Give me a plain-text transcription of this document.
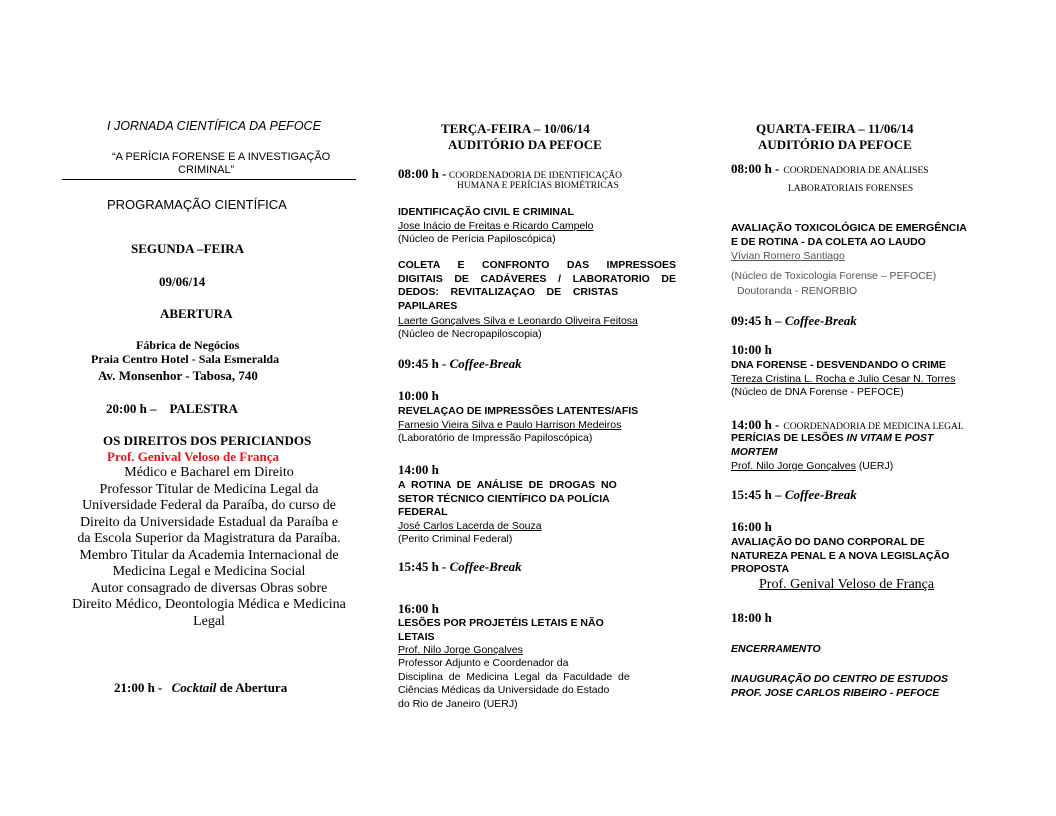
I JORNADA CIENTÍFICA DA PEFOCE
“A PERÍCIA FORENSE E A INVESTIGAÇÃO
CRIMINAL”
PROGRAMAÇÃO CIENTÍFICA
SEGUNDA –FEIRA
09/06/14
ABERTURA
Fábrica de Negócios
Praia Centro Hotel - Sala Esmeralda
Av. Monsenhor - Tabosa, 740
20:00 h –    PALESTRA
OS DIREITOS DOS PERICIANDOS
Prof. Genival Veloso de França
Médico e Bacharel em Direito
Professor Titular de Medicina Legal da
Universidade Federal da Paraíba, do curso de
Direito da Universidade Estadual da Paraíba e
da Escola Superior da Magistratura da Paraíba.
Membro Titular da Academia Internacional de
Medicina Legal e Medicina Social
Autor consagrado de diversas Obras sobre
Direito Médico, Deontologia Médica e Medicina
Legal
21:00 h - Cocktail de Abertura
TERÇA-FEIRA – 10/06/14
AUDITÓRIO DA PEFOCE
08:00 h - COORDENADORIA DE IDENTIFICAÇÃO
HUMANA E PERÍCIAS BIOMÉTRICAS
IDENTIFICAÇÃO CIVIL E CRIMINAL
Jose Inácio de Freitas e Ricardo Campelo
(Núcleo de Perícia Papiloscópica)
COLETA E CONFRONTO DAS IMPRESSOES
DIGITAIS DE CADÁVERES / LABORATORIO DE
DEDOS:    REVITALIZAÇAO    DE    CRISTAS
PAPILARES
Laerte Gonçalves Silva e Leonardo Oliveira Feitosa
(Núcleo de Necropapiloscopia)
09:45 h - Coffee-Break
10:00 h
REVELAÇAO DE IMPRESSÕES LATENTES/AFIS
Farnesio Vieira Silva e Paulo Harrison Medeiros
(Laboratório de Impressão Papiloscópica)
14:00 h
A  ROTINA  DE  ANÁLISE  DE  DROGAS  NO
SETOR TÉCNICO CIENTÍFICO DA POLÍCIA
FEDERAL
José Carlos Lacerda de Souza
(Perito Criminal Federal)
15:45 h - Coffee-Break
16:00 h
LESÕES POR PROJETÉIS LETAIS E NÃO
LETAIS
Prof. Nilo Jorge Gonçalves
Professor Adjunto e Coordenador da
Disciplina  de  Medicina  Legal  da  Faculdade  de
Ciências Médicas da Universidade do Estado
do Rio de Janeiro (UERJ)
QUARTA-FEIRA – 11/06/14
AUDITÓRIO DA PEFOCE
08:00 h - COORDENADORIA DE ANÁLISES
LABORATORIAIS FORENSES
AVALIAÇÃO TOXICOLÓGICA DE EMERGÊNCIA
E DE ROTINA - DA COLETA AO LAUDO
Vívian Romero Santiago
(Núcleo de Toxicologia Forense – PEFOCE)
Doutoranda - RENORBIO
09:45 h – Coffee-Break
10:00 h
DNA FORENSE - DESVENDANDO O CRIME
Tereza Cristina L. Rocha e Julio Cesar N. Torres
(Núcleo de DNA Forense - PEFOCE)
14:00 h - COORDENADORIA DE MEDICINA LEGAL
PERÍCIAS DE LESÕES IN VITAM E POST
MORTEM
Prof. Nilo Jorge Gonçalves (UERJ)
15:45 h – Coffee-Break
16:00 h
AVALIAÇÃO DO DANO CORPORAL DE
NATUREZA PENAL E A NOVA LEGISLAÇÃO
PROPOSTA
Prof. Genival Veloso de França
18:00 h
ENCERRAMENTO
INAUGURAÇÃO DO CENTRO DE ESTUDOS
PROF. JOSE CARLOS RIBEIRO - PEFOCE
